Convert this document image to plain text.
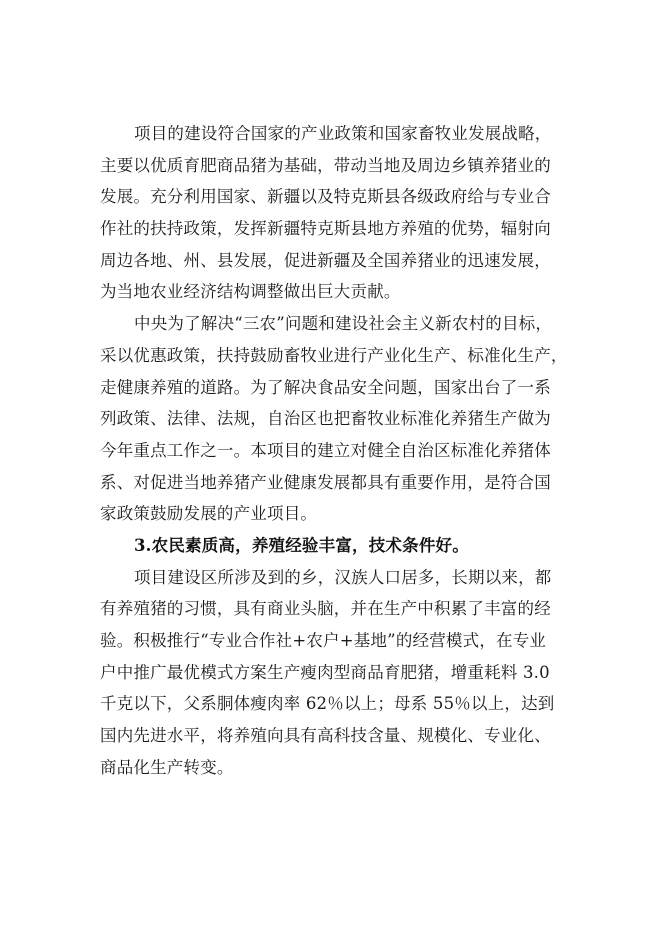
项目的建设符合国家的产业政策和国家畜牧业发展战略，
主要以优质育肥商品猪为基础，带动当地及周边乡镇养猪业的
发展。充分利用国家、新疆以及特克斯县各级政府给与专业合
作社的扶持政策，发挥新疆特克斯县地方养殖的优势，辐射向
周边各地、州、县发展，促进新疆及全国养猪业的迅速发展，
为当地农业经济结构调整做出巨大贡献。
中央为了解决“三农”问题和建设社会主义新农村的目标，
采以优惠政策，扶持鼓励畜牧业进行产业化生产、标准化生产，
走健康养殖的道路。为了解决食品安全问题，国家出台了一系
列政策、法律、法规，自治区也把畜牧业标准化养猪生产做为
今年重点工作之一。本项目的建立对健全自治区标准化养猪体
系、对促进当地养猪产业健康发展都具有重要作用，是符合国
家政策鼓励发展的产业项目。
3.农民素质高，养殖经验丰富，技术条件好。
项目建设区所涉及到的乡，汉族人口居多，长期以来，都
有养殖猪的习惯，具有商业头脑，并在生产中积累了丰富的经
验。积极推行“专业合作社+农户+基地”的经营模式，在专业
户中推广最优模式方案生产瘦肉型商品育肥猪，增重耗料 3.0
千克以下，父系胴体瘦肉率 62％以上；母系 55％以上，达到
国内先进水平，将养殖向具有高科技含量、规模化、专业化、
商品化生产转变。
